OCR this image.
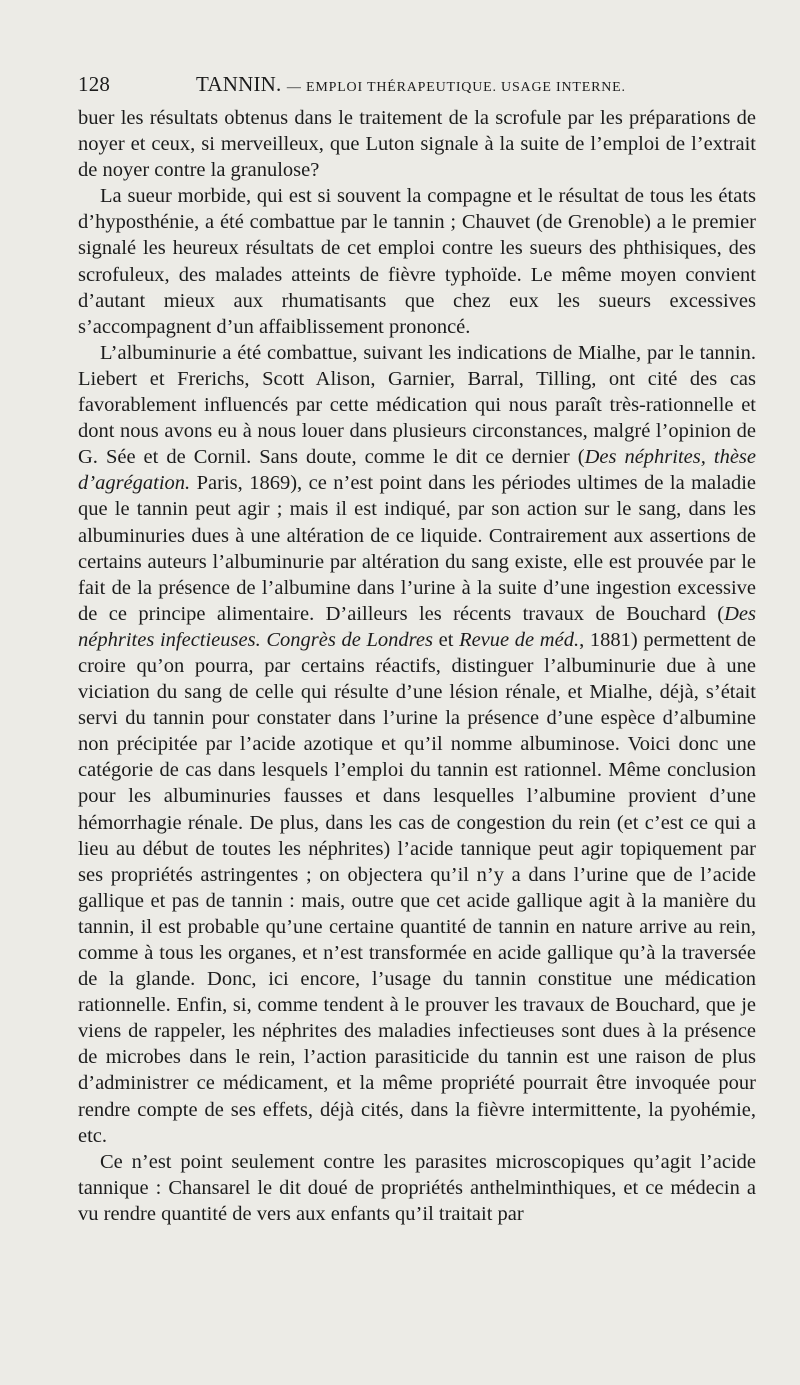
128	TANNIN. — EMPLOI THÉRAPEUTIQUE. USAGE INTERNE.

buer les résultats obtenus dans le traitement de la scrofule par les préparations de noyer et ceux, si merveilleux, que Luton signale à la suite de l’emploi de l’extrait de noyer contre la granulose?

La sueur morbide, qui est si souvent la compagne et le résultat de tous les états d’hyposthénie, a été combattue par le tannin ; Chauvet (de Grenoble) a le premier signalé les heureux résultats de cet emploi contre les sueurs des phthisiques, des scrofuleux, des malades atteints de fièvre typhoïde. Le même moyen convient d’autant mieux aux rhumatisants que chez eux les sueurs excessives s’accompagnent d’un affaiblissement prononcé.

L’albuminurie a été combattue, suivant les indications de Mialhe, par le tannin. Liebert et Frerichs, Scott Alison, Garnier, Barral, Tilling, ont cité des cas favorablement influencés par cette médication qui nous paraît très-rationnelle et dont nous avons eu à nous louer dans plusieurs circonstances, malgré l’opinion de G. Sée et de Cornil. Sans doute, comme le dit ce dernier (Des néphrites, thèse d’agrégation. Paris, 1869), ce n’est point dans les périodes ultimes de la maladie que le tannin peut agir ; mais il est indiqué, par son action sur le sang, dans les albuminuries dues à une altération de ce liquide. Contrairement aux assertions de certains auteurs l’albuminurie par altération du sang existe, elle est prouvée par le fait de la présence de l’albumine dans l’urine à la suite d’une ingestion excessive de ce principe alimentaire. D’ailleurs les récents travaux de Bouchard (Des néphrites infectieuses. Congrès de Londres et Revue de méd., 1881) permettent de croire qu’on pourra, par certains réactifs, distinguer l’albuminurie due à une viciation du sang de celle qui résulte d’une lésion rénale, et Mialhe, déjà, s’était servi du tannin pour constater dans l’urine la présence d’une espèce d’albumine non précipitée par l’acide azotique et qu’il nomme albuminose. Voici donc une catégorie de cas dans lesquels l’emploi du tannin est rationnel. Même conclusion pour les albuminuries fausses et dans lesquelles l’albumine provient d’une hémorrhagie rénale. De plus, dans les cas de congestion du rein (et c’est ce qui a lieu au début de toutes les néphrites) l’acide tannique peut agir topiquement par ses propriétés astringentes ; on objectera qu’il n’y a dans l’urine que de l’acide gallique et pas de tannin : mais, outre que cet acide gallique agit à la manière du tannin, il est probable qu’une certaine quantité de tannin en nature arrive au rein, comme à tous les organes, et n’est transformée en acide gallique qu’à la traversée de la glande. Donc, ici encore, l’usage du tannin constitue une médication rationnelle. Enfin, si, comme tendent à le prouver les travaux de Bouchard, que je viens de rappeler, les néphrites des maladies infectieuses sont dues à la présence de microbes dans le rein, l’action parasiticide du tannin est une raison de plus d’administrer ce médicament, et la même propriété pourrait être invoquée pour rendre compte de ses effets, déjà cités, dans la fièvre intermittente, la pyohémie, etc.

Ce n’est point seulement contre les parasites microscopiques qu’agit l’acide tannique : Chansarel le dit doué de propriétés anthelminthiques, et ce médecin a vu rendre quantité de vers aux enfants qu’il traitait par
